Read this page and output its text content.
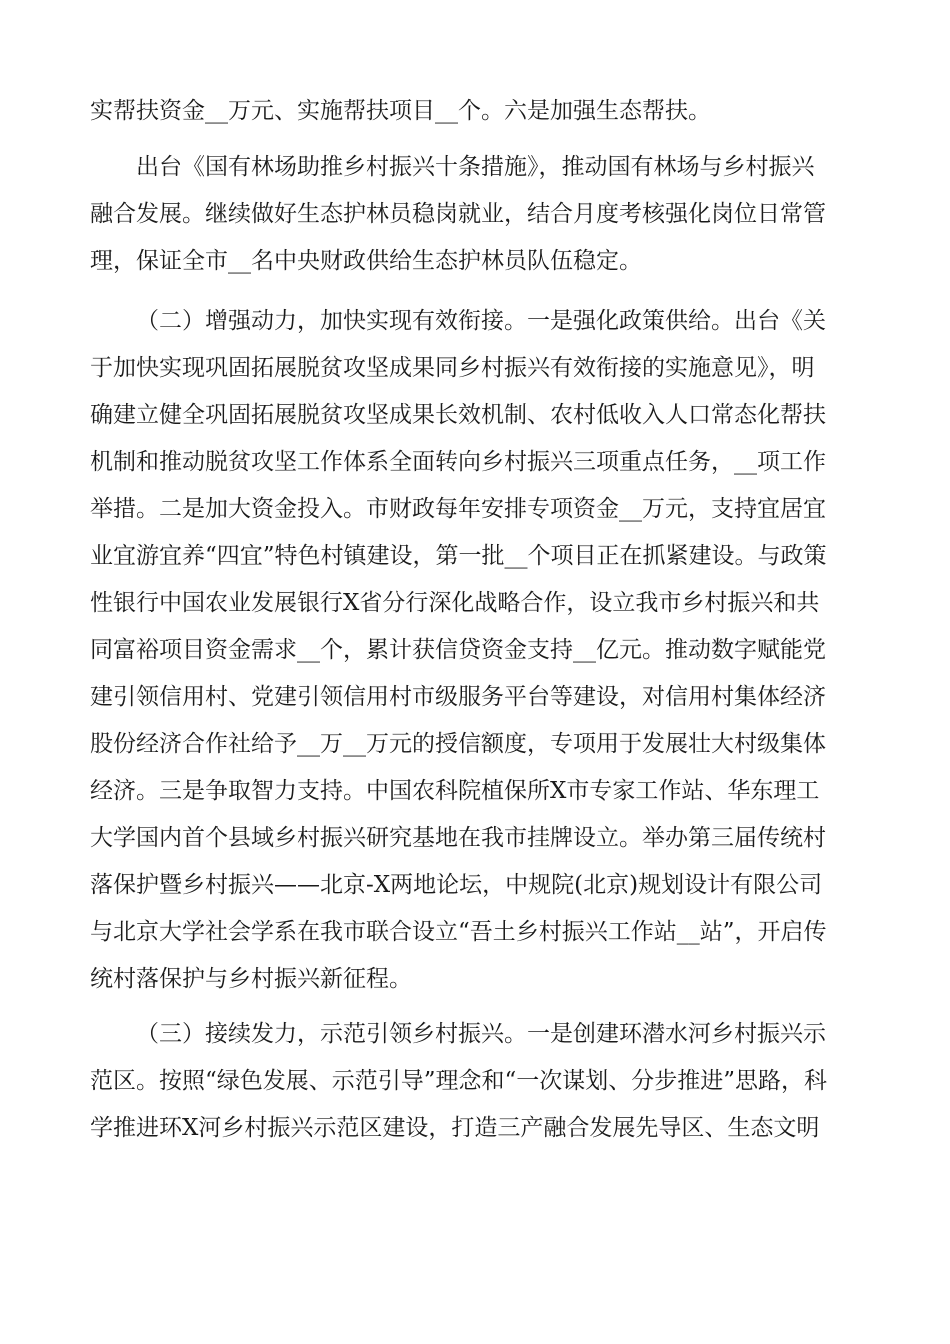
实帮扶资金__万元、实施帮扶项目__个。六是加强生态帮扶。
出台《国有林场助推乡村振兴十条措施》，推动国有林场与乡村振兴
融合发展。继续做好生态护林员稳岗就业，结合月度考核强化岗位日常管
理，保证全市__名中央财政供给生态护林员队伍稳定。
（二）增强动力，加快实现有效衔接。一是强化政策供给。出台《关
于加快实现巩固拓展脱贫攻坚成果同乡村振兴有效衔接的实施意见》，明
确建立健全巩固拓展脱贫攻坚成果长效机制、农村低收入人口常态化帮扶
机制和推动脱贫攻坚工作体系全面转向乡村振兴三项重点任务，__项工作
举措。二是加大资金投入。市财政每年安排专项资金__万元，支持宜居宜
业宜游宜养“四宜”特色村镇建设，第一批__个项目正在抓紧建设。与政策
性银行中国农业发展银行X省分行深化战略合作，设立我市乡村振兴和共
同富裕项目资金需求__个，累计获信贷资金支持__亿元。推动数字赋能党
建引领信用村、党建引领信用村市级服务平台等建设，对信用村集体经济
股份经济合作社给予__万__万元的授信额度，专项用于发展壮大村级集体
经济。三是争取智力支持。中国农科院植保所X市专家工作站、华东理工
大学国内首个县域乡村振兴研究基地在我市挂牌设立。举办第三届传统村
落保护暨乡村振兴——北京-X两地论坛，中规院(北京)规划设计有限公司
与北京大学社会学系在我市联合设立“吾土乡村振兴工作站__站”，开启传
统村落保护与乡村振兴新征程。
（三）接续发力，示范引领乡村振兴。一是创建环潜水河乡村振兴示
范区。按照“绿色发展、示范引导”理念和“一次谋划、分步推进”思路，科
学推进环X河乡村振兴示范区建设，打造三产融合发展先导区、生态文明
